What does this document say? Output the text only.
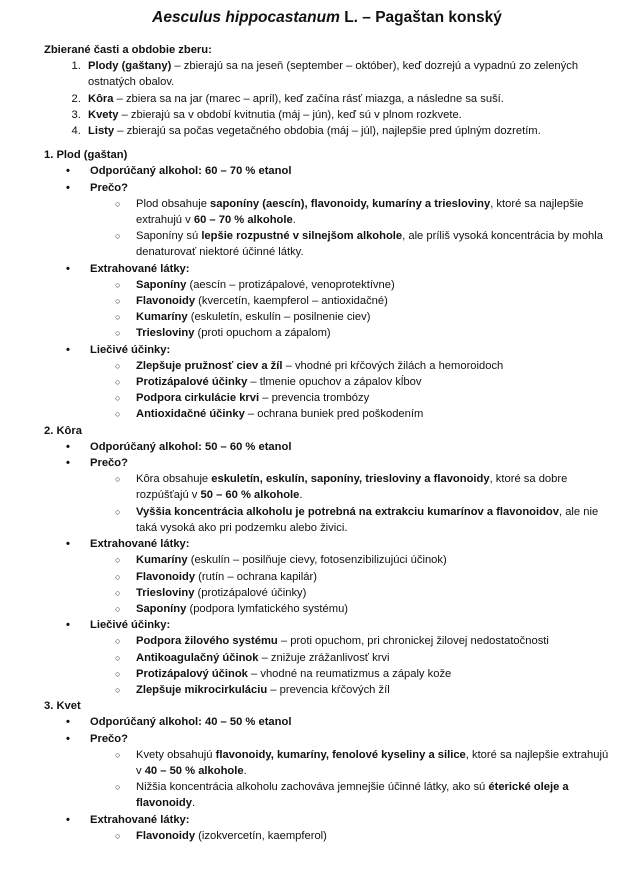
Aesculus hippocastanum L. – Pagaštan konský
Zbierané časti a obdobie zberu:
1. Plody (gaštany) – zbierajú sa na jeseň (september – október), keď dozrejú a vypadnú zo zelených ostnatých obalov.
2. Kôra – zbiera sa na jar (marec – apríl), keď začína rásť miazga, a následne sa suší.
3. Kvety – zbierajú sa v období kvitnutia (máj – jún), keď sú v plnom rozkvete.
4. Listy – zbierajú sa počas vegetačného obdobia (máj – júl), najlepšie pred úplným dozretím.
1. Plod (gaštan)
• Odporúčaný alkohol: 60 – 70 % etanol
• Prečo?
○ Plod obsahuje saponíny (aescín), flavonoidy, kumaríny a triesloviny, ktoré sa najlepšie extrahujú v 60 – 70 % alkohole.
○ Saponíny sú lepšie rozpustné v silnejšom alkohole, ale príliš vysoká koncentrácia by mohla denaturovať niektoré účinné látky.
• Extrahované látky:
○ Saponíny (aescín – protizápalové, venoprotektívne)
○ Flavonoidy (kvercetín, kaempferol – antioxidačné)
○ Kumaríny (eskuletín, eskulín – posilnenie ciev)
○ Triesloviny (proti opuchom a zápalom)
• Liečivé účinky:
○ Zlepšuje pružnosť ciev a žíl – vhodné pri kŕčových žilách a hemoroidoch
○ Protizápalové účinky – tlmenie opuchov a zápalov kĺbov
○ Podpora cirkulácie krvi – prevencia trombózy
○ Antioxidačné účinky – ochrana buniek pred poškodením
2. Kôra
• Odporúčaný alkohol: 50 – 60 % etanol
• Prečo?
○ Kôra obsahuje eskuletín, eskulín, saponíny, triesloviny a flavonoidy, ktoré sa dobre rozpúšťajú v 50 – 60 % alkohole.
○ Vyššia koncentrácia alkoholu je potrebná na extrakciu kumarínov a flavonoidov, ale nie taká vysoká ako pri podzemku alebo živici.
• Extrahované látky:
○ Kumaríny (eskulín – posilňuje cievy, fotosenzibilizujúci účinok)
○ Flavonoidy (rutín – ochrana kapilár)
○ Triesloviny (protizápalové účinky)
○ Saponíny (podpora lymfatického systému)
• Liečivé účinky:
○ Podpora žilového systému – proti opuchom, pri chronickej žilovej nedostatočnosti
○ Antikoagulačný účinok – znižuje zrážanlivosť krvi
○ Protizápalový účinok – vhodné na reumatizmus a zápaly kože
○ Zlepšuje mikrocirkuláciu – prevencia kŕčových žíl
3. Kvet
• Odporúčaný alkohol: 40 – 50 % etanol
• Prečo?
○ Kvety obsahujú flavonoidy, kumaríny, fenolové kyseliny a silice, ktoré sa najlepšie extrahujú v 40 – 50 % alkohole.
○ Nižšia koncentrácia alkoholu zachováva jemnejšie účinné látky, ako sú éterické oleje a flavonoidy.
• Extrahované látky:
○ Flavonoidy (izokvercetín, kaempferol)
